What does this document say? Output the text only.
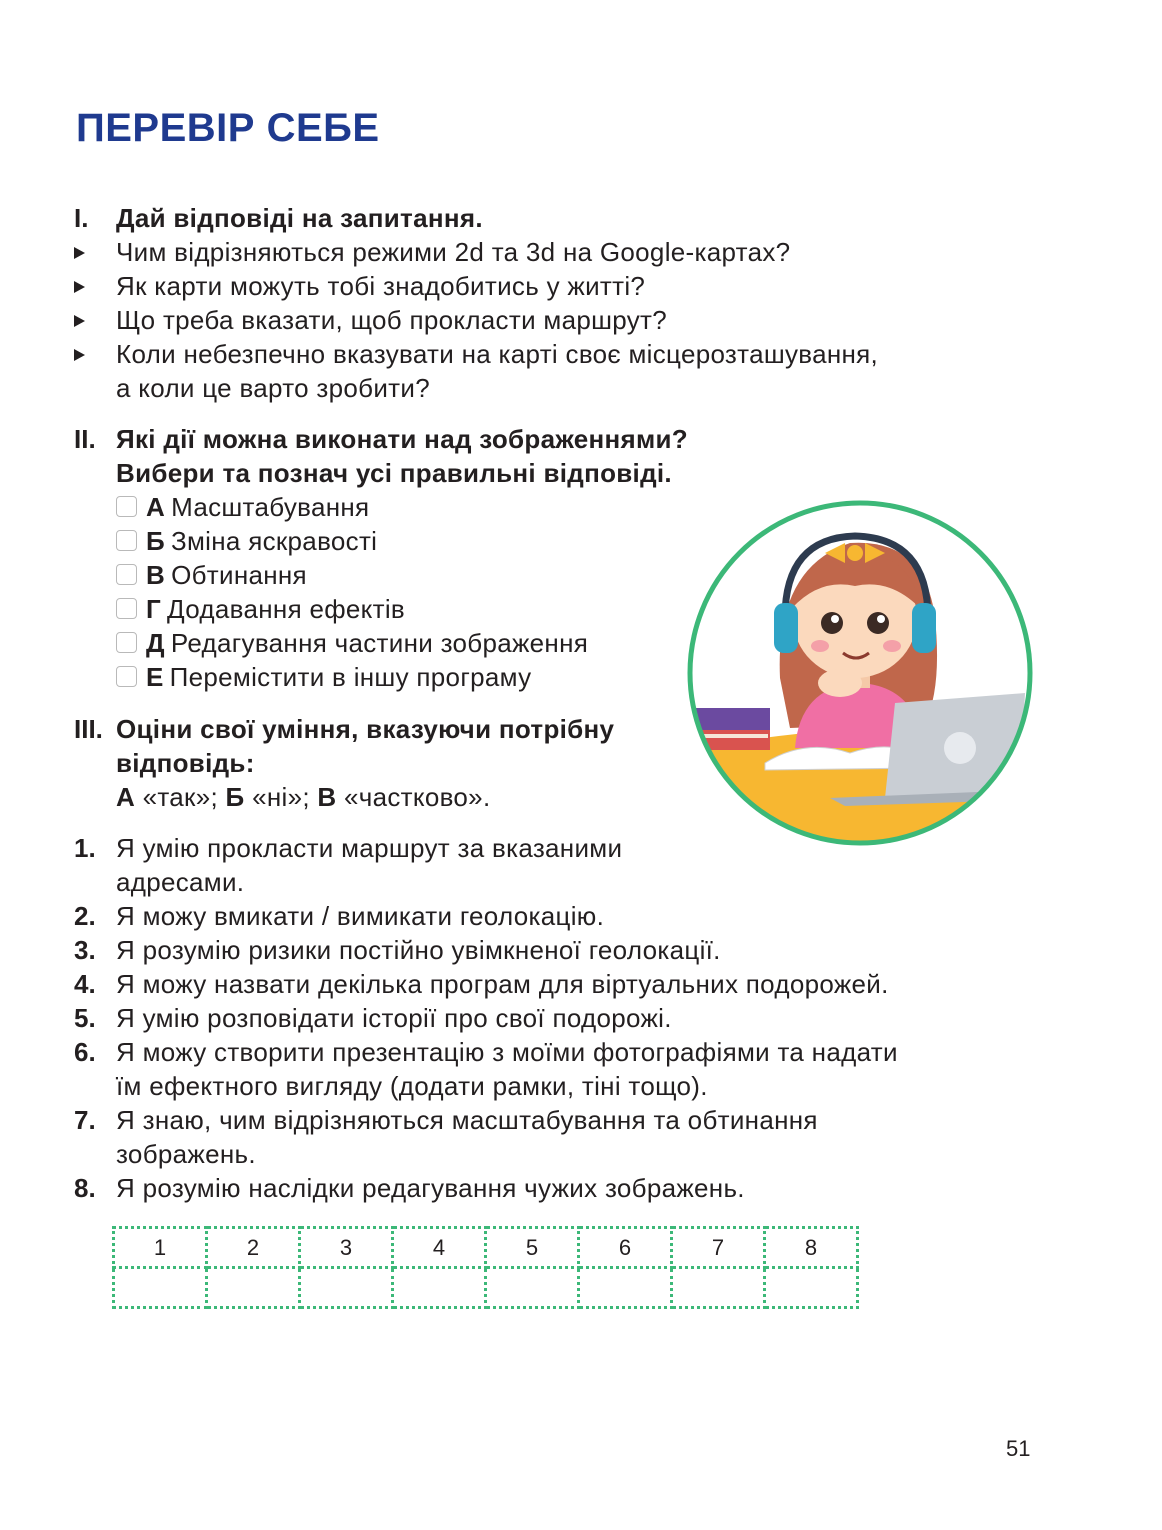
ПЕРЕВІР СЕБЕ
I. Дай відповіді на запитання.
Чим відрізняються режими 2d та 3d на Google-картах?
Як карти можуть тобі знадобитись у житті?
Що треба вказати, щоб прокласти маршрут?
Коли небезпечно вказувати на карті своє місцерозташування,
а коли це варто зробити?
II. Які дії можна виконати над зображеннями?
Вибери та познач усі правильні відповіді.
А Масштабування
Б Зміна яскравості
В Обтинання
Г Додавання ефектів
Д Редагування частини зображення
Е Перемістити в іншу програму
III. Оціни свої уміння, вказуючи потрібну
відповідь:
А «так»; Б «ні»; В «частково».
1. Я умію прокласти маршрут за вказаними
адресами.
2. Я можу вмикати / вимикати геолокацію.
3. Я розумію ризики постійно увімкненої геолокації.
4. Я можу назвати декілька програм для віртуальних подорожей.
5. Я умію розповідати історії про свої подорожі.
6. Я можу створити презентацію з моїми фотографіями та надати
їм ефектного вигляду (додати рамки, тіні тощо).
7. Я знаю, чим відрізняються масштабування та обтинання
зображень.
8. Я розумію наслідки редагування чужих зображень.
1	2	3	4	5	6	7	8

51
